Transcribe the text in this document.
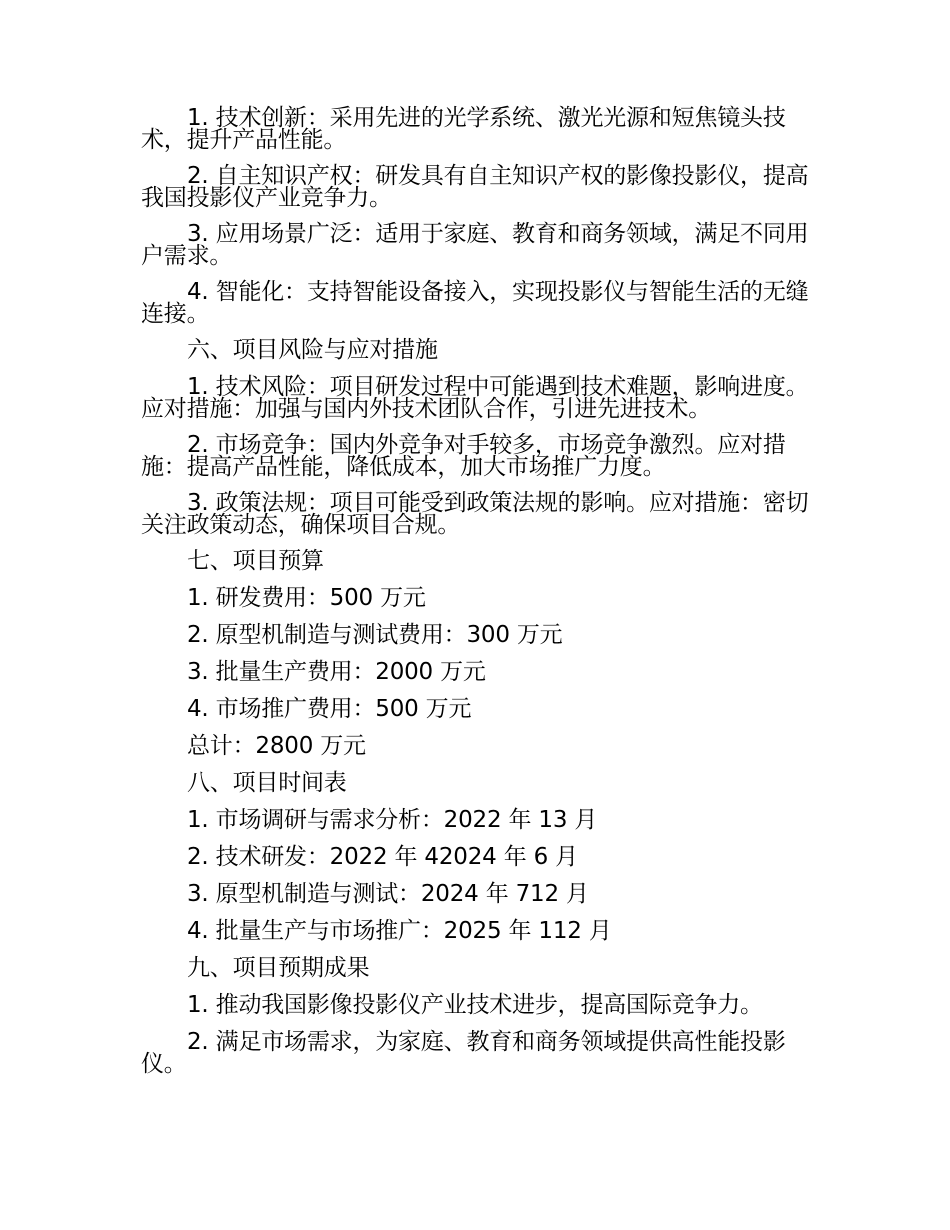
1. 技术创新：采用先进的光学系统、激光光源和短焦镜头技术，提升产品性能。

2. 自主知识产权：研发具有自主知识产权的影像投影仪，提高我国投影仪产业竞争力。

3. 应用场景广泛：适用于家庭、教育和商务领域，满足不同用户需求。

4. 智能化：支持智能设备接入，实现投影仪与智能生活的无缝连接。

六、项目风险与应对措施

1. 技术风险：项目研发过程中可能遇到技术难题，影响进度。应对措施：加强与国内外技术团队合作，引进先进技术。

2. 市场竞争：国内外竞争对手较多，市场竞争激烈。应对措施：提高产品性能，降低成本，加大市场推广力度。

3. 政策法规：项目可能受到政策法规的影响。应对措施：密切关注政策动态，确保项目合规。

七、项目预算

1. 研发费用：500 万元

2. 原型机制造与测试费用：300 万元

3. 批量生产费用：2000 万元

4. 市场推广费用：500 万元

总计：2800 万元

八、项目时间表

1. 市场调研与需求分析：2022 年 13 月

2. 技术研发：2022 年 42024 年 6 月

3. 原型机制造与测试：2024 年 712 月

4. 批量生产与市场推广：2025 年 112 月

九、项目预期成果

1. 推动我国影像投影仪产业技术进步，提高国际竞争力。

2. 满足市场需求，为家庭、教育和商务领域提供高性能投影仪。
